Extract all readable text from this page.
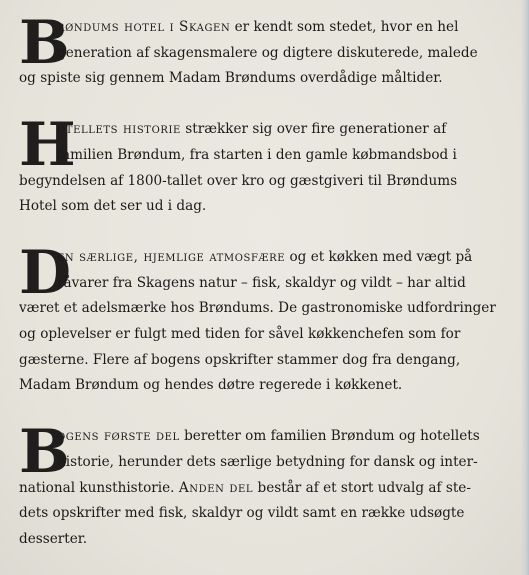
B
røndums hotel i Skagen er kendt som stedet, hvor en hel
generation af skagensmalere og digtere diskuterede, malede
og spiste sig gennem Madam Brøndums overdådige måltider.
H
otellets historie strækker sig over fire generationer af
familien Brøndum, fra starten i den gamle købmandsbod i
begyndelsen af 1800-tallet over kro og gæstgiveri til Brøndums
Hotel som det ser ud i dag.
D
en særlige, hjemlige atmosfære og et køkken med vægt på
råvarer fra Skagens natur – fisk, skaldyr og vildt – har altid
været et adelsmærke hos Brøndums. De gastronomiske udfordringer
og oplevelser er fulgt med tiden for såvel køkkenchefen som for
gæsterne. Flere af bogens opskrifter stammer dog fra dengang,
Madam Brøndum og hendes døtre regerede i køkkenet.
B
ogens første del beretter om familien Brøndum og hotellets
historie, herunder dets særlige betydning for dansk og inter-
national kunsthistorie. Anden del består af et stort udvalg af ste-
dets opskrifter med fisk, skaldyr og vildt samt en række udsøgte
desserter.
